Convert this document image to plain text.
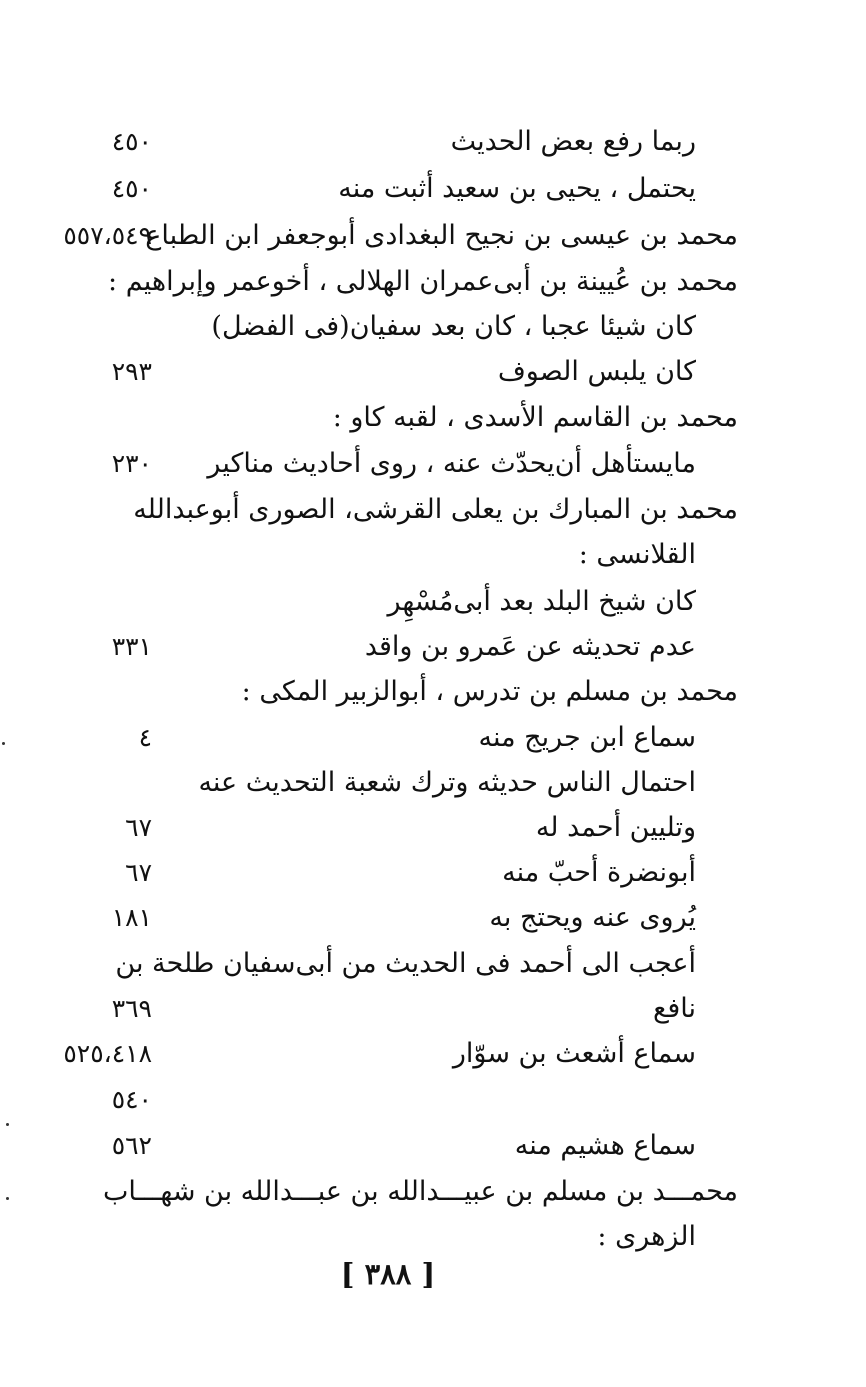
ربما رفع بعض الحديث
٤٥٠
يحتمل ، يحيى بن سعيد أثبت منه
٤٥٠
محمد بن عيسى بن نجيح البغدادى أبوجعفر ابن الطباع
٥٥٧،٥٤٩
محمد بن عُيينة بن أبى‌عمران الهلالى ، أخوعمر وإبراهيم :
كان شيئا عجبا ، كان بعد سفيان(فى الفضل)
كان يلبس الصوف
٢٩٣
محمد بن القاسم الأسدى ، لقبه كاو :
مايستأهل أن‌يحدّث عنه ، روى أحاديث مناكير
٢٣٠
محمد بن المبارك بن يعلى القرشى، الصورى أبوعبدالله
القلانسى :
كان شيخ البلد بعد أبى‌مُسْهِر
عدم تحديثه عن عَمرو بن واقد
٣٣١
محمد بن مسلم بن تدرس ، أبوالزبير المكى :
سماع ابن جريج منه
٤
احتمال الناس حديثه وترك شعبة التحديث عنه
وتليين أحمد له
٦٧
أبونضرة أحبّ منه
٦٧
يُروى عنه ويحتج به
١٨١
أعجب الى أحمد فى الحديث من أبى‌سفيان طلحة بن
نافع
٣٦٩
سماع أشعث بن سوّار
٥٢٥،٤١٨
٥٤٠
سماع هشيم منه
٥٦٢
محمـــد بن مسلم بن عبيـــدالله بن عبـــدالله بن شهـــاب
الزهرى :
[ ٣٨٨ ]
